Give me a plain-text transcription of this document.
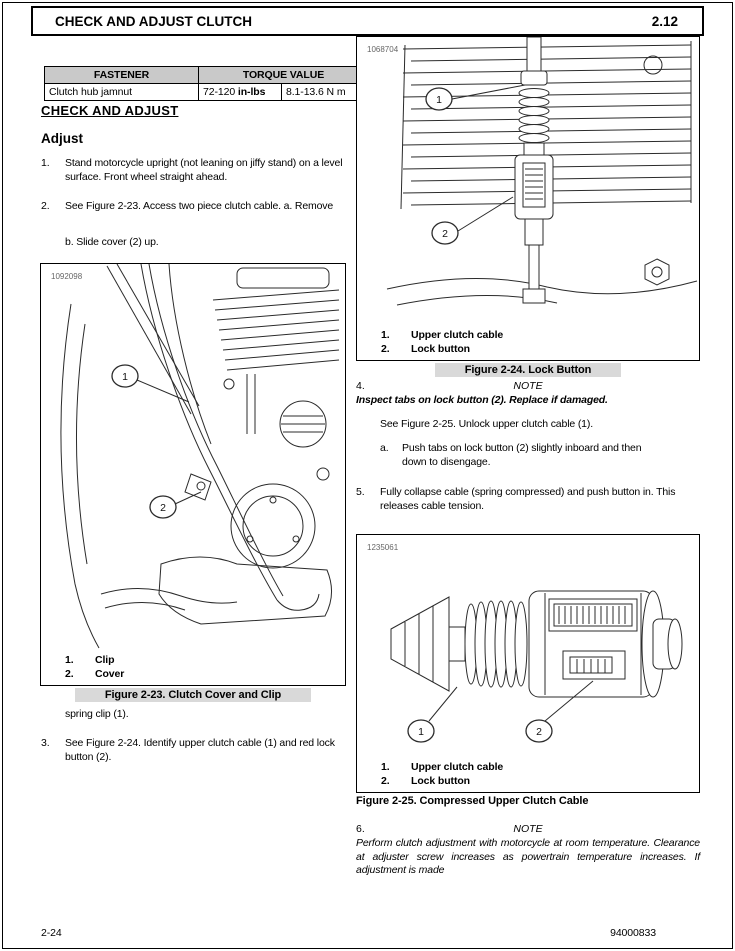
CHECK AND ADJUST CLUTCH	2.12
FASTENER	TORQUE VALUE	
Clutch hub jamnut	72-120 in-lbs	8.1-13.6 N m
CHECK AND ADJUST
Adjust
1.	Stand motorcycle upright (not leaning on jiffy stand) on a level surface. Front wheel straight ahead.
2.	See Figure 2-23. Access two piece clutch cable. a. Remove
b. Slide cover (2) up.
1092098
1
2
1.	Clip
2.	Cover
Figure 2-23. Clutch Cover and Clip
spring clip (1).
3.	See Figure 2-24. Identify upper clutch cable (1) and red lock button (2).
1068704
1
2
1.	Upper clutch cable
2.	Lock button
Figure 2-24. Lock Button
4.	NOTE
Inspect tabs on lock button (2). Replace if damaged.
See Figure 2-25. Unlock upper clutch cable (1).
a.	Push tabs on lock button (2) slightly inboard and then down to disengage.
5.	Fully collapse cable (spring compressed) and push button in. This releases cable tension.
1235061
1	2
1.	Upper clutch cable
2.	Lock button
Figure 2-25. Compressed Upper Clutch Cable
6.	NOTE
Perform clutch adjustment with motorcycle at room temperature. Clearance at adjuster screw increases as powertrain temperature increases. If adjustment is made
2-24	94000833
